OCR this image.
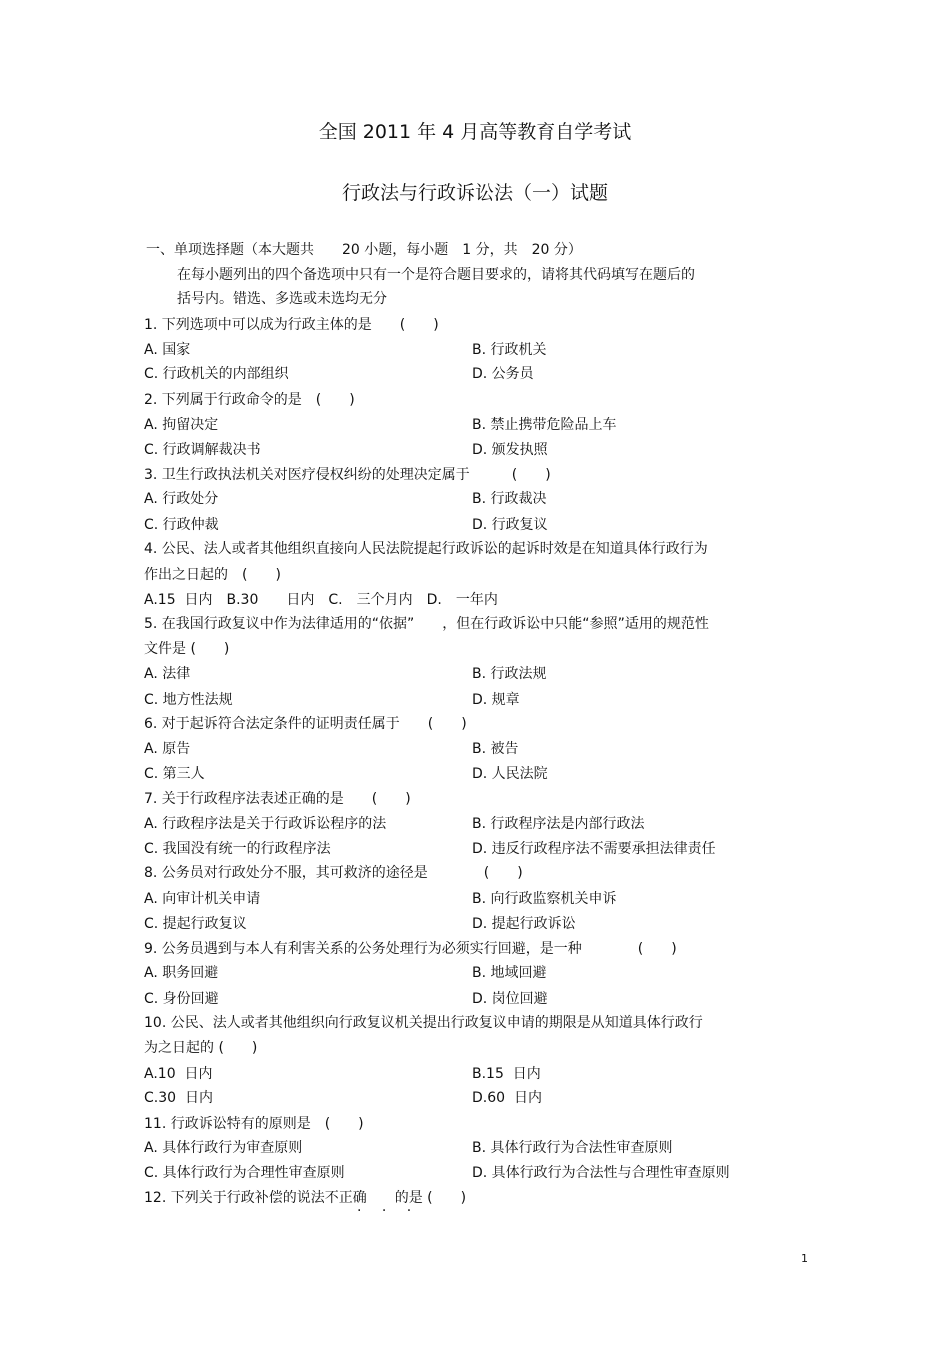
全国 2011 年 4 月高等教育自学考试
行政法与行政诉讼法（一）试题
一、单项选择题（本大题共　　20 小题，每小题　1 分，共　20 分）
在每小题列出的四个备选项中只有一个是符合题目要求的，请将其代码填写在题后的
括号内。错选、多选或未选均无分
1. 下列选项中可以成为行政主体的是　　(　　)
A. 国家	B. 行政机关
C. 行政机关的内部组织	D. 公务员
2. 下列属于行政命令的是　(　　)
A. 拘留决定	B. 禁止携带危险品上车
C. 行政调解裁决书	D. 颁发执照
3. 卫生行政执法机关对医疗侵权纠纷的处理决定属于　　　(　　)
A. 行政处分	B. 行政裁决
C. 行政仲裁	D. 行政复议
4. 公民、法人或者其他组织直接向人民法院提起行政诉讼的起诉时效是在知道具体行政行为
作出之日起的　(　　)
A.15  日内　B.30　　日内　C.　三个月内　D.　一年内
5. 在我国行政复议中作为法律适用的“依据”　　，但在行政诉讼中只能“参照”适用的规范性
文件是 (　　)
A. 法律	B. 行政法规
C. 地方性法规	D. 规章
6. 对于起诉符合法定条件的证明责任属于　　(　　)
A. 原告	B. 被告
C. 第三人	D. 人民法院
7. 关于行政程序法表述正确的是　　(　　)
A. 行政程序法是关于行政诉讼程序的法	B. 行政程序法是内部行政法
C. 我国没有统一的行政程序法	D. 违反行政程序法不需要承担法律责任
8. 公务员对行政处分不服，其可救济的途径是　　　　(　　)
A. 向审计机关申请	B. 向行政监察机关申诉
C. 提起行政复议	D. 提起行政诉讼
9. 公务员遇到与本人有利害关系的公务处理行为必须实行回避，是一种　　　　(　　)
A. 职务回避	B. 地域回避
C. 身份回避	D. 岗位回避
10. 公民、法人或者其他组织向行政复议机关提出行政复议申请的期限是从知道具体行政行
为之日起的 (　　)
A.10  日内	B.15  日内
C.30  日内	D.60  日内
11. 行政诉讼特有的原则是　(　　)
A. 具体行政行为审查原则	B. 具体行政行为合法性审查原则
C. 具体行政行为合理性审查原则	D. 具体行政行为合法性与合理性审查原则
12. 下列关于行政补偿的说法不正确　　的是 (　　)
· · ·
1
